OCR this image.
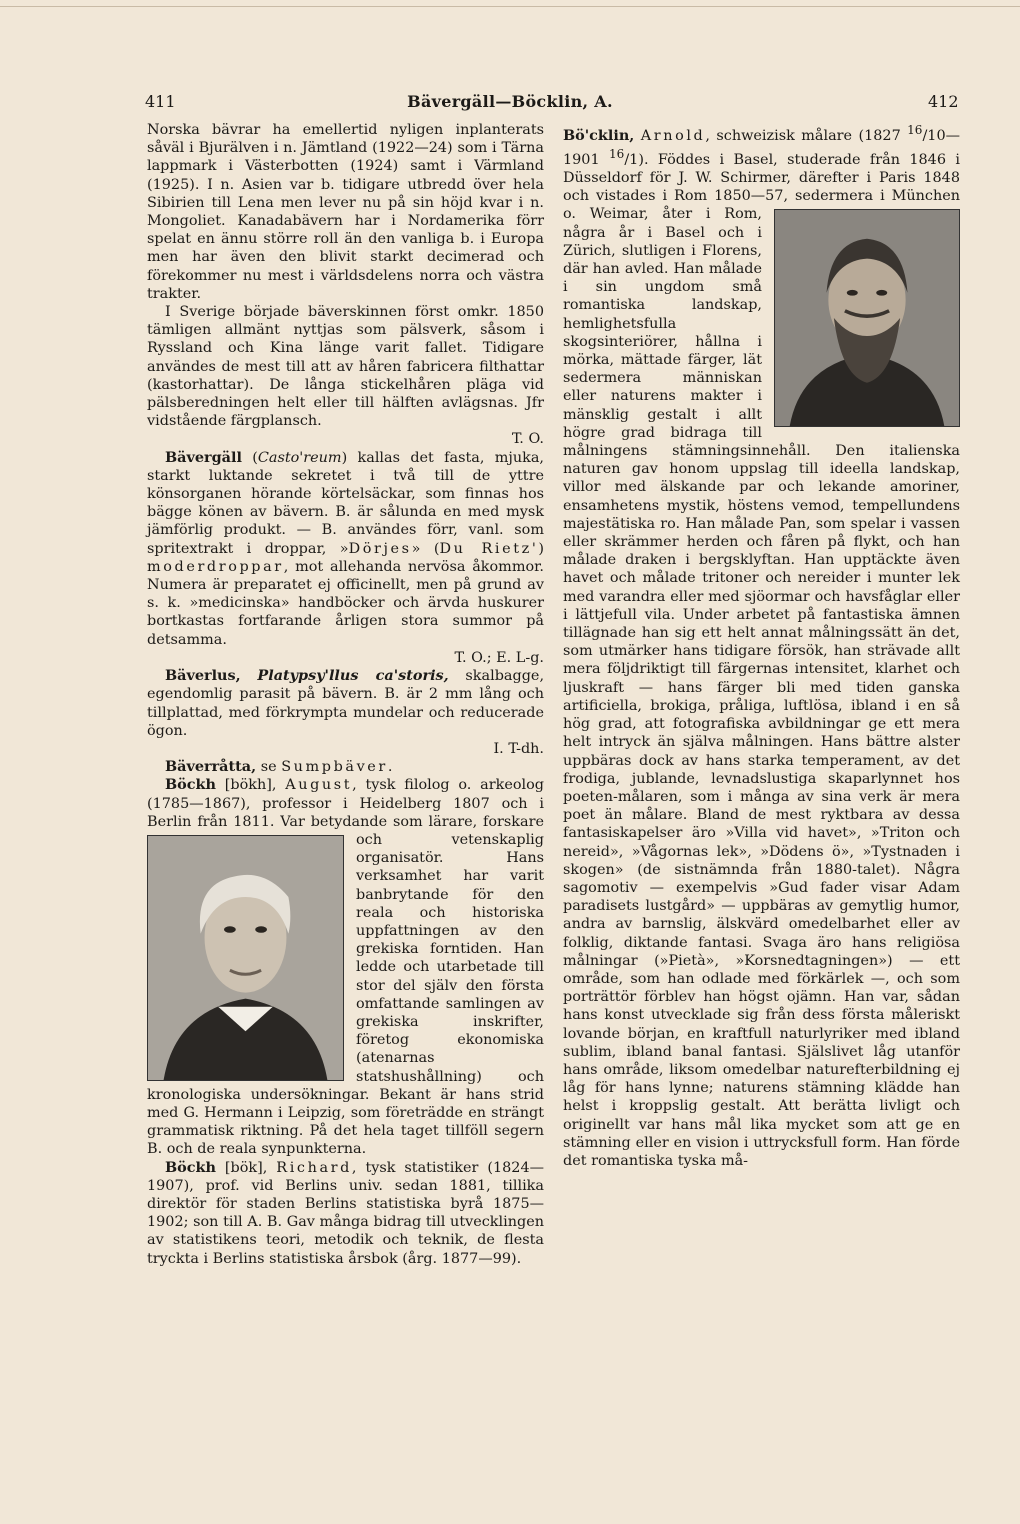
411	Bävergäll—Böcklin, A.	412

Norska bävrar ha emellertid nyligen inplanterats såväl i Bjurälven i n. Jämtland (1922—24) som i Tärna lappmark i Västerbotten (1924) samt i Värmland (1925). I n. Asien var b. tidigare utbredd över hela Sibirien till Lena men lever nu på sin höjd kvar i n. Mongoliet. Kanadabävern har i Nordamerika förr spelat en ännu större roll än den vanliga b. i Europa men har även den blivit starkt decimerad och förekommer nu mest i världsdelens norra och västra trakter.

I Sverige började bäverskinnen först omkr. 1850 tämligen allmänt nyttjas som pälsverk, såsom i Ryssland och Kina länge varit fallet. Tidigare användes de mest till att av håren fabricera filthattar (kastorhattar). De långa stickelhåren pläga vid pälsberedningen helt eller till hälften avlägsnas. Jfr vidstående färgplansch.
T. O.

Bävergäll (Casto'reum) kallas det fasta, mjuka, starkt luktande sekretet i två till de yttre könsorganen hörande körtelsäckar, som finnas hos bägge könen av bävern. B. är sålunda en med mysk jämförlig produkt. — B. användes förr, vanl. som spritextrakt i droppar, »Dörjes» (Du Rietz') moderdroppar, mot allehanda nervösa åkommor. Numera är preparatet ej officinellt, men på grund av s. k. »medicinska» handböcker och ärvda huskurer bortkastas fortfarande årligen stora summor på detsamma.
T. O.; E. L-g.

Bäverlus, Platypsy'llus ca'storis, skalbagge, egendomlig parasit på bävern. B. är 2 mm lång och tillplattad, med förkrympta mundelar och reducerade ögon.
I. T-dh.

Bäverråtta, se Sumpbäver.

Böckh [bökh], August, tysk filolog o. arkeolog (1785—1867), professor i Heidelberg 1807 och i Berlin från 1811. Var betydande som lärare, forskare och vetenskaplig
organisatör. Hans verksamhet har varit banbrytande för den reala och historiska uppfattningen av den grekiska forntiden. Han ledde och utarbetade till stor del själv den första omfattande samlingen av grekiska inskrifter, företog ekonomiska (atenarnas statshushållning) och kronologiska undersökningar. Bekant är hans strid med G. Hermann i Leipzig, som företrädde en strängt grammatisk riktning. På det hela taget tillföll segern B. och de reala synpunkterna.

Böckh [bök], Richard, tysk statistiker (1824—1907), prof. vid Berlins univ. sedan 1881, tillika direktör för staden Berlins statistiska byrå 1875—1902; son till A. B. Gav många bidrag till utvecklingen av statistikens teori, metodik och teknik, de flesta tryckta i Berlins statistiska årsbok (årg. 1877—99).

Bö'cklin, Arnold, schweizisk målare (1827 $^{16}$/10—1901 $^{16}$/1). Föddes i Basel, studerade från 1846 i Düsseldorf för J. W. Schirmer, därefter i Paris 1848 och vistades i Rom 1850—57,
sedermera i München o. Weimar, åter i Rom, några år i Basel och i Zürich, slutligen i Florens, där han avled. Han målade i sin ungdom små romantiska landskap, hemlighetsfulla skogsinteriörer, hållna i mörka, mättade färger, lät sedermera människan eller naturens makter i mänsklig gestalt i allt högre grad bidraga till målningens stämningsinnehåll. Den italienska naturen gav honom uppslag till ideella landskap, villor med älskande par och lekande amoriner, ensamhetens mystik, höstens vemod, tempellundens majestätiska ro. Han målade Pan, som spelar i vassen eller skrämmer herden och fåren på flykt, och han målade draken i bergsklyftan. Han upptäckte även havet och målade tritoner och nereider i munter lek med varandra eller med sjöormar och havsfåglar eller i lättjefull vila. Under arbetet på fantastiska ämnen tillägnade han sig ett helt annat målningssätt än det, som utmärker hans tidigare försök, han strävade allt mera följdriktigt till färgernas intensitet, klarhet och ljuskraft — hans färger bli med tiden ganska artificiella, brokiga, pråliga, luftlösa, ibland i en så hög grad, att fotografiska avbildningar ge ett mera helt intryck än själva målningen. Hans bättre alster uppbäras dock av hans starka temperament, av det frodiga, jublande, levnadslustiga skaparlynnet hos poeten-målaren, som i många av sina verk är mera poet än målare. Bland de mest ryktbara av dessa fantasiskapelser äro »Villa vid havet», »Triton och nereid», »Vågornas lek», »Dödens ö», »Tystnaden i skogen» (de sistnämnda från 1880-talet). Några sagomotiv — exempelvis »Gud fader visar Adam paradisets lustgård» — uppbäras av gemytlig humor, andra av barnslig, älskvärd omedelbarhet eller av folklig, diktande fantasi. Svaga äro hans religiösa målningar (»Pietà», »Korsnedtagningen») — ett område, som han odlade med förkärlek —, och som porträttör förblev han högst ojämn. Han var, sådan hans konst utvecklade sig från dess första måleriskt lovande början, en kraftfull naturlyriker med ibland sublim, ibland banal fantasi. Själslivet låg utanför hans område, liksom omedelbar naturefterbildning ej låg för hans lynne; naturens stämning klädde han helst i kroppslig gestalt. Att berätta livligt och originellt var hans mål lika mycket som att ge en stämning eller en vision i uttrycksfull form. Han förde det romantiska tyska må-
